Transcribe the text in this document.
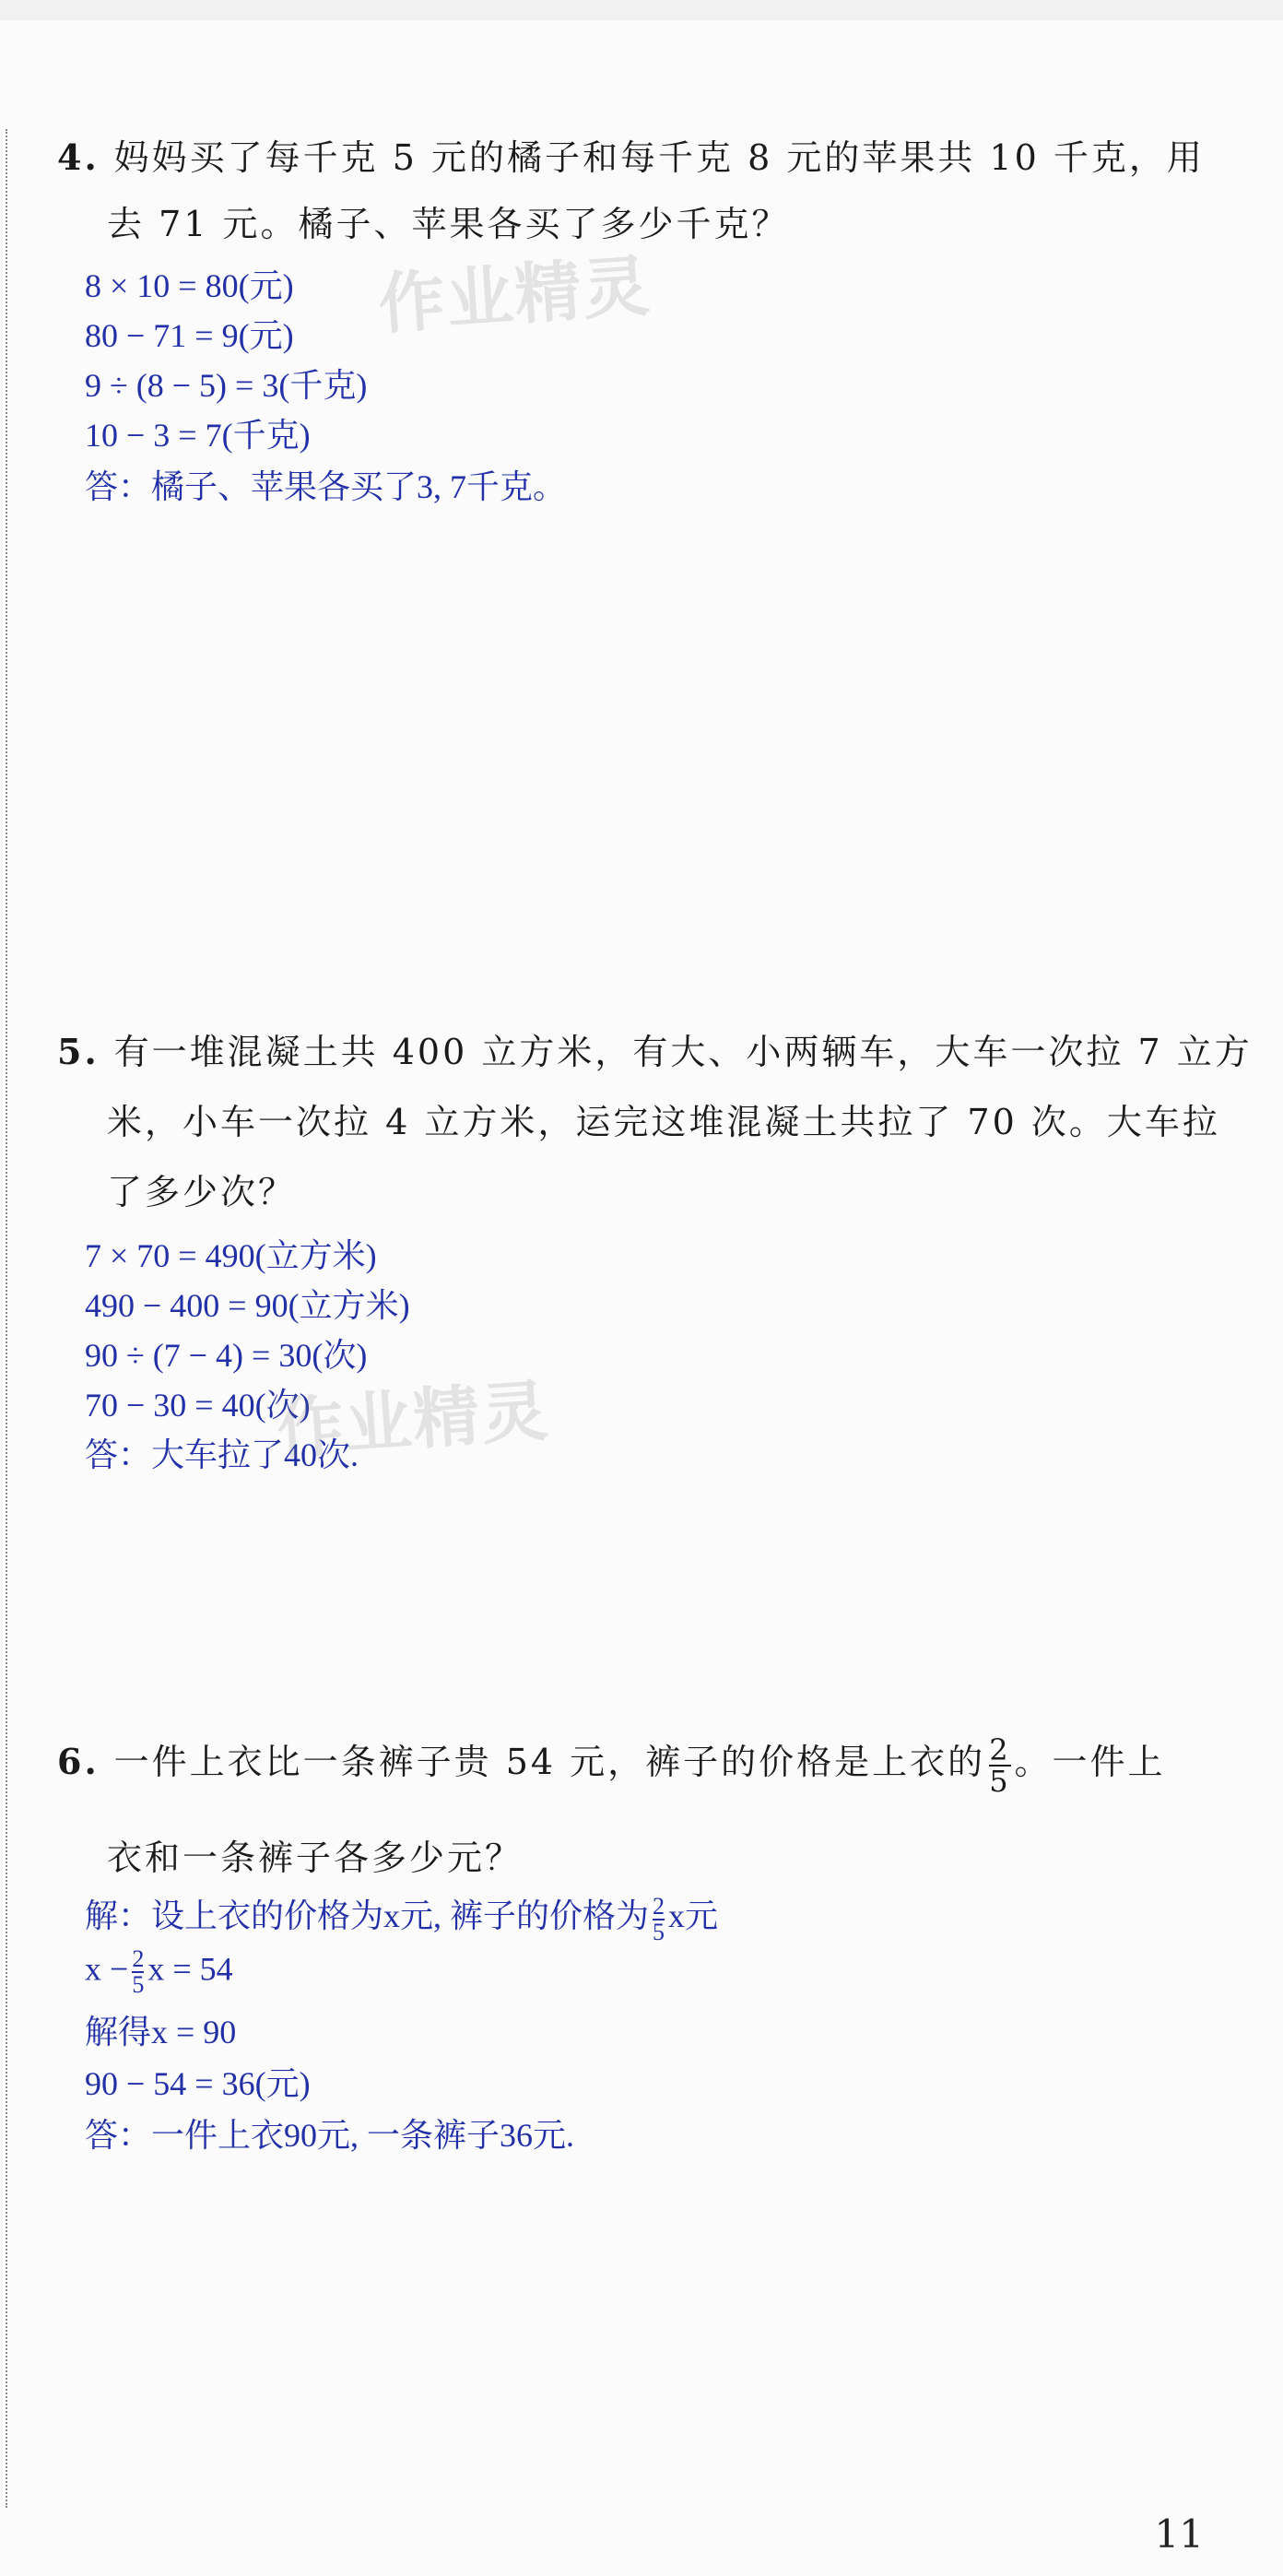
4. 妈妈买了每千克 5 元的橘子和每千克 8 元的苹果共 10 千克，用
去 71 元。橘子、苹果各买了多少千克？
8 × 10 = 80(元)
80 − 71 = 9(元)
9 ÷ (8 − 5) = 3(千克)
10 − 3 = 7(千克)
答：橘子、苹果各买了3, 7千克。
作业精灵
5. 有一堆混凝土共 400 立方米，有大、小两辆车，大车一次拉 7 立方
米，小车一次拉 4 立方米，运完这堆混凝土共拉了 70 次。大车拉
了多少次？
7 × 70 = 490(立方米)
490 − 400 = 90(立方米)
90 ÷ (7 − 4) = 30(次)
70 − 30 = 40(次)
答：大车拉了40次.
作业精灵
6. 一件上衣比一条裤子贵 54 元，裤子的价格是上衣的 $\frac{2}{5}$ 。一件上
衣和一条裤子各多少元？
解：设上衣的价格为x元, 裤子的价格为 $\frac{2}{5}$ x元
$x - \frac{2}{5}$ x = 54
解得x = 90
90 − 54 = 36(元)
答：一件上衣90元, 一条裤子36元.
11
